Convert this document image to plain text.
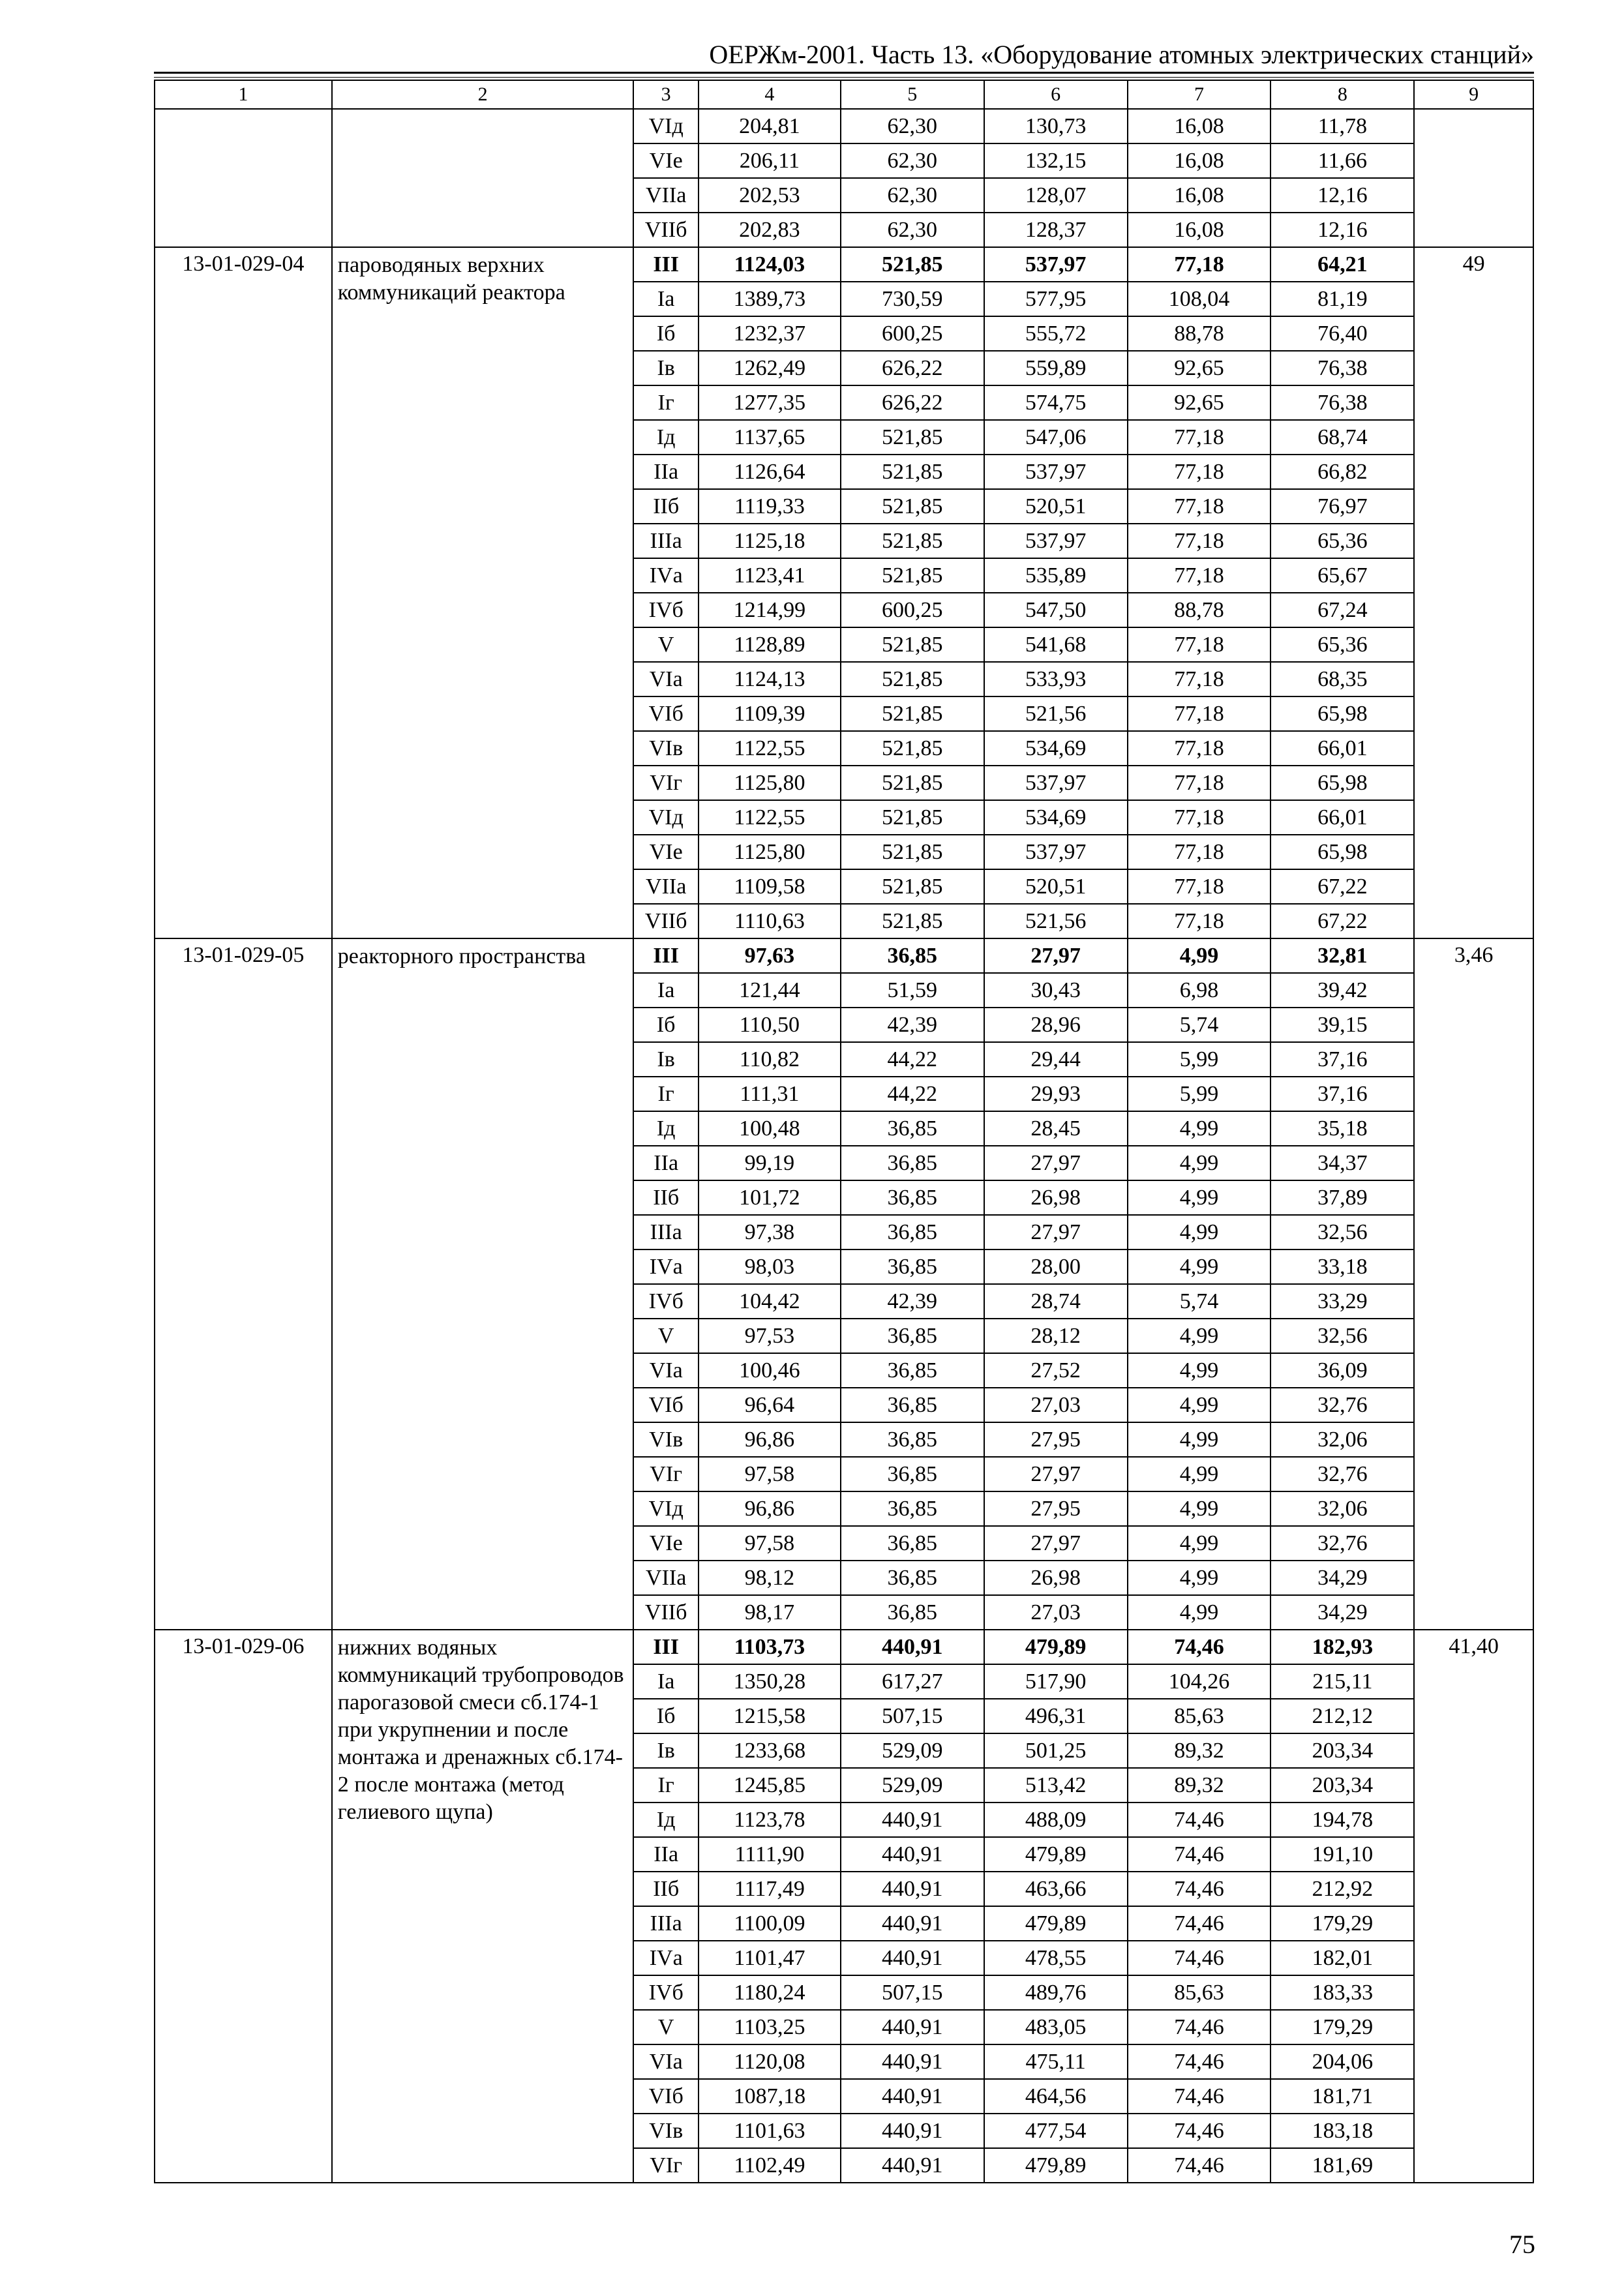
ОЕРЖм-2001. Часть 13. «Оборудование атомных электрических станций»
1	2	3	4	5	6	7	8	9
		VIд	204,81	62,30	130,73	16,08	11,78	
		VIе	206,11	62,30	132,15	16,08	11,66	
		VIIа	202,53	62,30	128,07	16,08	12,16	
		VIIб	202,83	62,30	128,37	16,08	12,16	
13-01-029-04	пароводяных верхних коммуникаций реактора	III	1124,03	521,85	537,97	77,18	64,21	49
		Iа	1389,73	730,59	577,95	108,04	81,19	
		Iб	1232,37	600,25	555,72	88,78	76,40	
		Iв	1262,49	626,22	559,89	92,65	76,38	
		Iг	1277,35	626,22	574,75	92,65	76,38	
		Iд	1137,65	521,85	547,06	77,18	68,74	
		IIа	1126,64	521,85	537,97	77,18	66,82	
		IIб	1119,33	521,85	520,51	77,18	76,97	
		IIIа	1125,18	521,85	537,97	77,18	65,36	
		IVа	1123,41	521,85	535,89	77,18	65,67	
		IVб	1214,99	600,25	547,50	88,78	67,24	
		V	1128,89	521,85	541,68	77,18	65,36	
		VIа	1124,13	521,85	533,93	77,18	68,35	
		VIб	1109,39	521,85	521,56	77,18	65,98	
		VIв	1122,55	521,85	534,69	77,18	66,01	
		VIг	1125,80	521,85	537,97	77,18	65,98	
		VIд	1122,55	521,85	534,69	77,18	66,01	
		VIе	1125,80	521,85	537,97	77,18	65,98	
		VIIа	1109,58	521,85	520,51	77,18	67,22	
		VIIб	1110,63	521,85	521,56	77,18	67,22	
13-01-029-05	реакторного пространства	III	97,63	36,85	27,97	4,99	32,81	3,46
		Iа	121,44	51,59	30,43	6,98	39,42	
		Iб	110,50	42,39	28,96	5,74	39,15	
		Iв	110,82	44,22	29,44	5,99	37,16	
		Iг	111,31	44,22	29,93	5,99	37,16	
		Iд	100,48	36,85	28,45	4,99	35,18	
		IIа	99,19	36,85	27,97	4,99	34,37	
		IIб	101,72	36,85	26,98	4,99	37,89	
		IIIа	97,38	36,85	27,97	4,99	32,56	
		IVа	98,03	36,85	28,00	4,99	33,18	
		IVб	104,42	42,39	28,74	5,74	33,29	
		V	97,53	36,85	28,12	4,99	32,56	
		VIа	100,46	36,85	27,52	4,99	36,09	
		VIб	96,64	36,85	27,03	4,99	32,76	
		VIв	96,86	36,85	27,95	4,99	32,06	
		VIг	97,58	36,85	27,97	4,99	32,76	
		VIд	96,86	36,85	27,95	4,99	32,06	
		VIе	97,58	36,85	27,97	4,99	32,76	
		VIIа	98,12	36,85	26,98	4,99	34,29	
		VIIб	98,17	36,85	27,03	4,99	34,29	
13-01-029-06	нижних водяных коммуникаций трубопроводов парогазовой смеси сб.174-1 при укрупнении и после монтажа и дренажных сб.174-2 после монтажа (метод гелиевого щупа)	III	1103,73	440,91	479,89	74,46	182,93	41,40
		Iа	1350,28	617,27	517,90	104,26	215,11	
		Iб	1215,58	507,15	496,31	85,63	212,12	
		Iв	1233,68	529,09	501,25	89,32	203,34	
		Iг	1245,85	529,09	513,42	89,32	203,34	
		Iд	1123,78	440,91	488,09	74,46	194,78	
		IIа	1111,90	440,91	479,89	74,46	191,10	
		IIб	1117,49	440,91	463,66	74,46	212,92	
		IIIа	1100,09	440,91	479,89	74,46	179,29	
		IVа	1101,47	440,91	478,55	74,46	182,01	
		IVб	1180,24	507,15	489,76	85,63	183,33	
		V	1103,25	440,91	483,05	74,46	179,29	
		VIа	1120,08	440,91	475,11	74,46	204,06	
		VIб	1087,18	440,91	464,56	74,46	181,71	
		VIв	1101,63	440,91	477,54	74,46	183,18	
		VIг	1102,49	440,91	479,89	74,46	181,69	
75
